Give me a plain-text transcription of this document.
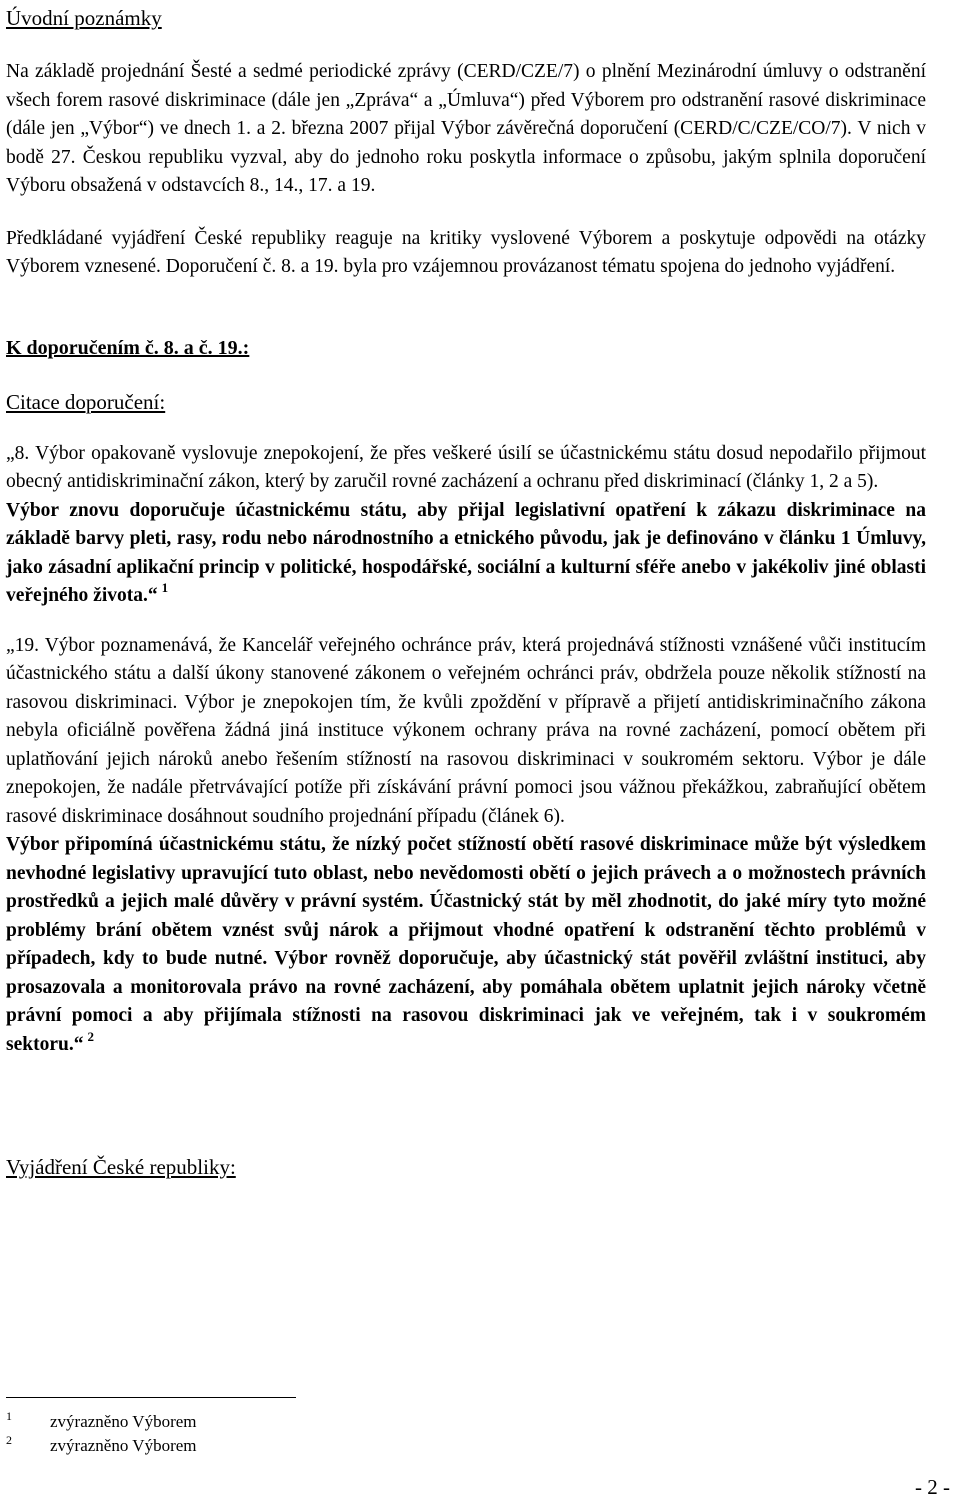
Úvodní poznámky

Na základě projednání Šesté a sedmé periodické zprávy (CERD/CZE/7) o plnění Mezinárodní úmluvy o odstranění všech forem rasové diskriminace (dále jen „Zpráva“ a „Úmluva“) před Výborem pro odstranění rasové diskriminace (dále jen „Výbor“) ve dnech 1. a 2. března 2007 přijal Výbor závěrečná doporučení (CERD/C/CZE/CO/7). V nich v bodě 27. Českou republiku vyzval, aby do jednoho roku poskytla informace o způsobu, jakým splnila doporučení Výboru obsažená v odstavcích 8., 14., 17. a 19.

Předkládané vyjádření České republiky reaguje na kritiky vyslovené Výborem a poskytuje odpovědi na otázky Výborem vznesené. Doporučení č. 8. a 19. byla pro vzájemnou provázanost tématu spojena do jednoho vyjádření.

K doporučením č. 8. a č. 19.:
Citace doporučení:

„8. Výbor opakovaně vyslovuje znepokojení, že přes veškeré úsilí se účastnickému státu dosud nepodařilo přijmout obecný antidiskriminační zákon, který by zaručil rovné zacházení a ochranu před diskriminací (články 1, 2 a 5).

Výbor znovu doporučuje účastnickému státu, aby přijal legislativní opatření k zákazu diskriminace na základě barvy pleti, rasy, rodu nebo národnostního a etnického původu, jak je definováno v článku 1 Úmluvy, jako zásadní aplikační princip v politické, hospodářské, sociální a kulturní sféře anebo v jakékoliv jiné oblasti veřejného života.“ $^1$

„19. Výbor poznamenává, že Kancelář veřejného ochránce práv, která projednává stížnosti vznášené vůči institucím účastnického státu a další úkony stanovené zákonem o veřejném ochránci práv, obdržela pouze několik stížností na rasovou diskriminaci. Výbor je znepokojen tím, že kvůli zpoždění v přípravě a přijetí antidiskriminačního zákona nebyla oficiálně pověřena žádná jiná instituce výkonem ochrany práva na rovné zacházení, pomocí obětem při uplatňování jejich nároků anebo řešením stížností na rasovou diskriminaci v soukromém sektoru. Výbor je dále znepokojen, že nadále přetrvávající potíže při získávání právní pomoci jsou vážnou překážkou, zabraňující obětem rasové diskriminace dosáhnout soudního projednání případu (článek 6).

Výbor připomíná účastnickému státu, že nízký počet stížností obětí rasové diskriminace může být výsledkem nevhodné legislativy upravující tuto oblast, nebo nevědomosti obětí o jejich právech a o možnostech právních prostředků a jejich malé důvěry v právní systém. Účastnický stát by měl zhodnotit, do jaké míry tyto možné problémy brání obětem vznést svůj nárok a přijmout vhodné opatření k odstranění těchto problémů v případech, kdy to bude nutné. Výbor rovněž doporučuje, aby účastnický stát pověřil zvláštní instituci, aby prosazovala a monitorovala právo na rovné zacházení, aby pomáhala obětem uplatnit jejich nároky včetně právní pomoci a aby přijímala stížnosti na rasovou diskriminaci jak ve veřejném, tak i v soukromém sektoru.“ $^2$

Vyjádření České republiky:
1 zvýrazněno Výborem
2 zvýrazněno Výborem
- 2 -
